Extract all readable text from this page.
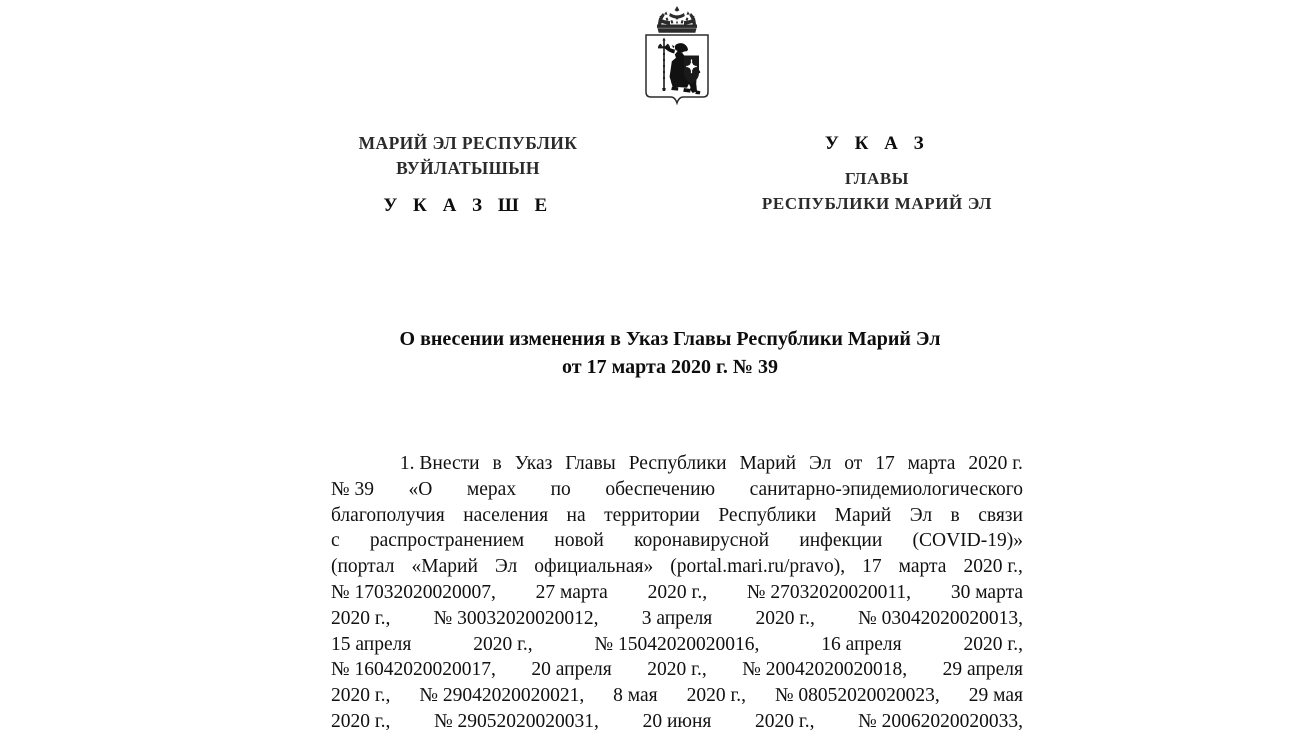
МАРИЙ ЭЛ РЕСПУБЛИК
ВУЙЛАТЫШЫН
У К А З Ш Е
У К А З
ГЛАВЫ
РЕСПУБЛИКИ МАРИЙ ЭЛ
О внесении изменения в Указ Главы Республики Марий Эл
от 17 марта 2020 г. № 39
1. Внести в Указ Главы Республики Марий Эл от 17 марта 2020 г.
№ 39 «О мерах по обеспечению санитарно-эпидемиологического
благополучия населения на территории Республики Марий Эл в связи
с распространением новой коронавирусной инфекции (COVID-19)»
(портал «Марий Эл официальная» (portal.mari.ru/pravo), 17 марта 2020 г.,
№ 17032020020007, 27 марта 2020 г., № 27032020020011, 30 марта
2020 г., № 30032020020012, 3 апреля 2020 г., № 03042020020013,
15 апреля	2020 г.,	№ 15042020020016,	16 апреля	2020 г.,
№ 16042020020017, 20 апреля 2020 г., № 20042020020018, 29 апреля
2020 г., № 29042020020021, 8 мая 2020 г., № 08052020020023, 29 мая
2020 г., № 29052020020031, 20 июня 2020 г., № 20062020020033,
